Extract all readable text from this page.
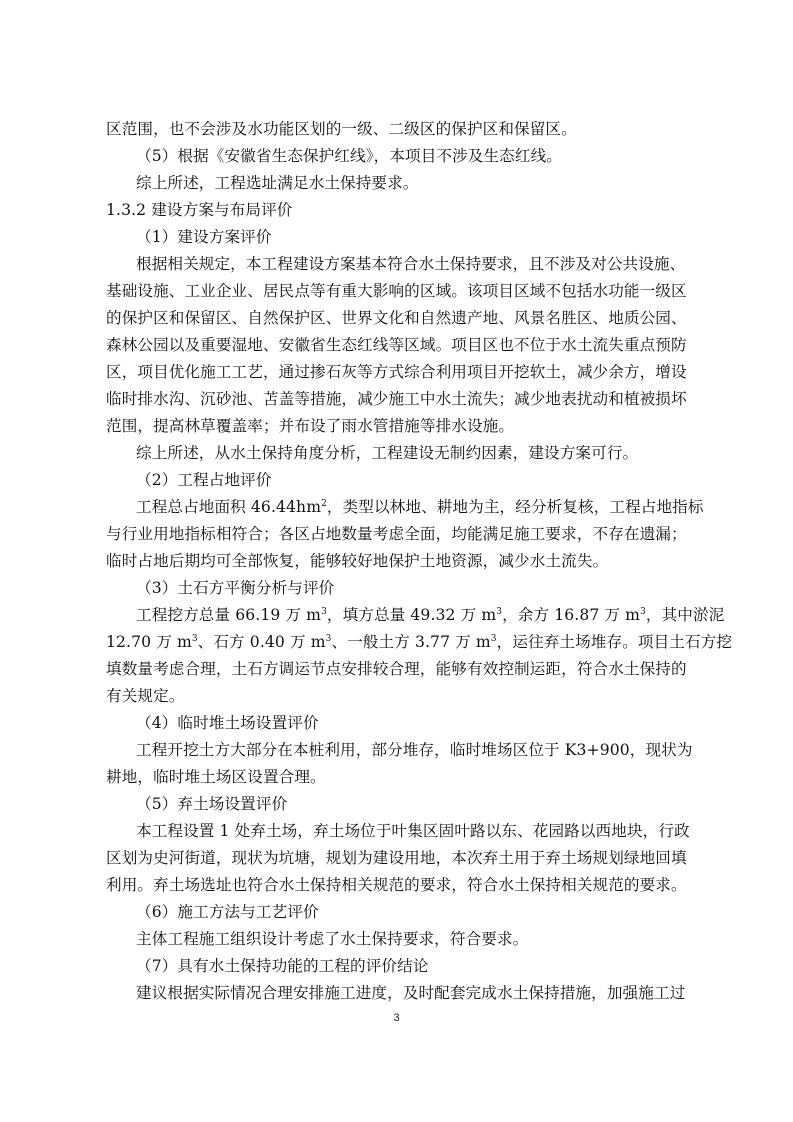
区范围，也不会涉及水功能区划的一级、二级区的保护区和保留区。
（5）根据《安徽省生态保护红线》，本项目不涉及生态红线。
综上所述，工程选址满足水土保持要求。
1.3.2 建设方案与布局评价
（1）建设方案评价
根据相关规定，本工程建设方案基本符合水土保持要求，且不涉及对公共设施、
基础设施、工业企业、居民点等有重大影响的区域。该项目区域不包括水功能一级区
的保护区和保留区、自然保护区、世界文化和自然遗产地、风景名胜区、地质公园、
森林公园以及重要湿地、安徽省生态红线等区域。项目区也不位于水土流失重点预防
区，项目优化施工工艺，通过掺石灰等方式综合利用项目开挖软土，减少余方，增设
临时排水沟、沉砂池、苫盖等措施，减少施工中水土流失；减少地表扰动和植被损坏
范围，提高林草覆盖率；并布设了雨水管措施等排水设施。
综上所述，从水土保持角度分析，工程建设无制约因素，建设方案可行。
（2）工程占地评价
工程总占地面积 $46.44hm^2$，类型以林地、耕地为主，经分析复核，工程占地指标
与行业用地指标相符合；各区占地数量考虑全面，均能满足施工要求，不存在遗漏；
临时占地后期均可全部恢复，能够较好地保护土地资源，减少水土流失。
（3）土石方平衡分析与评价
工程挖方总量 66.19 万 $m^3$，填方总量 49.32 万 $m^3$，余方 16.87 万 $m^3$，其中淤泥
12.70 万 $m^3$、石方 0.40 万 $m^3$、一般土方 3.77 万 $m^3$，运往弃土场堆存。项目土石方挖
填数量考虑合理，土石方调运节点安排较合理，能够有效控制运距，符合水土保持的
有关规定。
（4）临时堆土场设置评价
工程开挖土方大部分在本桩利用，部分堆存，临时堆场区位于 K3+900，现状为
耕地，临时堆土场区设置合理。
（5）弃土场设置评价
本工程设置 1 处弃土场，弃土场位于叶集区固叶路以东、花园路以西地块，行政
区划为史河街道，现状为坑塘，规划为建设用地，本次弃土用于弃土场规划绿地回填
利用。弃土场选址也符合水土保持相关规范的要求，符合水土保持相关规范的要求。
（6）施工方法与工艺评价
主体工程施工组织设计考虑了水土保持要求，符合要求。
（7）具有水土保持功能的工程的评价结论
建议根据实际情况合理安排施工进度，及时配套完成水土保持措施，加强施工过
3
